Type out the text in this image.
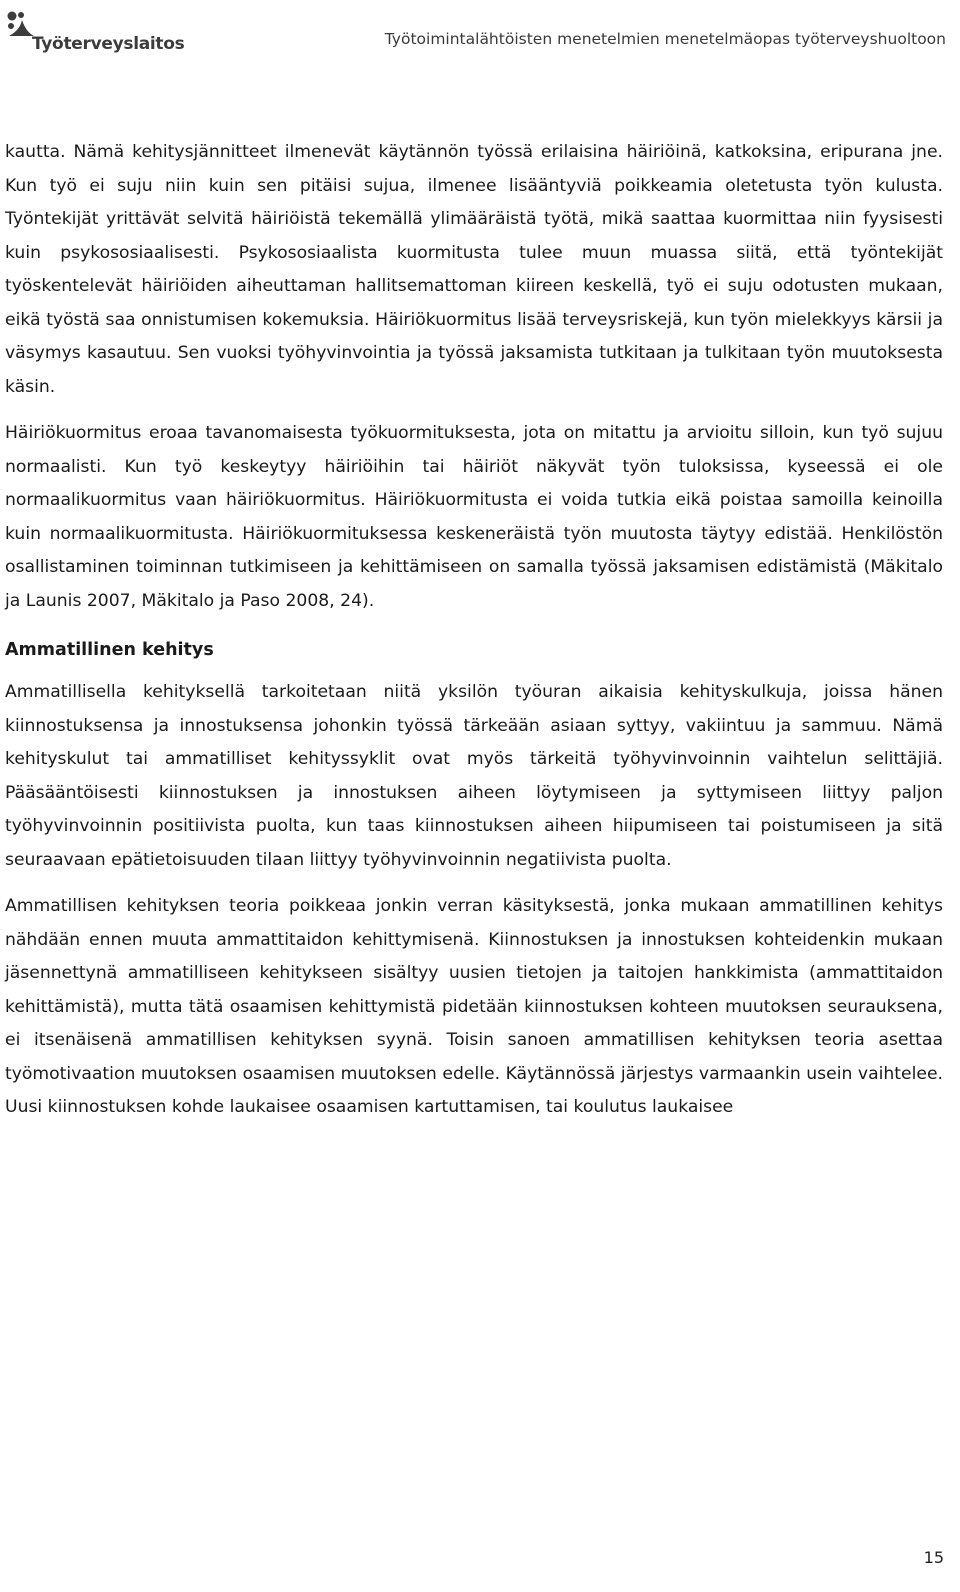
Työterveyslaitos	Työtoimintalähtöisten menetelmien menetelmäopas työterveyshuoltoon

kautta. Nämä kehitysjännitteet ilmenevät käytännön työssä erilaisina häiriöinä, katkoksina, eripurana jne. Kun työ ei suju niin kuin sen pitäisi sujua, ilmenee lisääntyviä poikkeamia oletetusta työn kulusta. Työntekijät yrittävät selvitä häiriöistä tekemällä ylimääräistä työtä, mikä saattaa kuormittaa niin fyysisesti kuin psykososiaalisesti. Psykososiaalista kuormitusta tulee muun muassa siitä, että työntekijät työskentelevät häiriöiden aiheuttaman hallitsemattoman kiireen keskellä, työ ei suju odotusten mukaan, eikä työstä saa onnistumisen kokemuksia. Häiriökuormitus lisää terveysriskejä, kun työn mielekkyys kärsii ja väsymys kasautuu. Sen vuoksi työhyvinvointia ja työssä jaksamista tutkitaan ja tulkitaan työn muutoksesta käsin.

Häiriökuormitus eroaa tavanomaisesta työkuormituksesta, jota on mitattu ja arvioitu silloin, kun työ sujuu normaalisti. Kun työ keskeytyy häiriöihin tai häiriöt näkyvät työn tuloksissa, kyseessä ei ole normaalikuormitus vaan häiriökuormitus. Häiriökuormitusta ei voida tutkia eikä poistaa samoilla keinoilla kuin normaalikuormitusta. Häiriökuormituksessa keskeneräistä työn muutosta täytyy edistää. Henkilöstön osallistaminen toiminnan tutkimiseen ja kehittämiseen on samalla työssä jaksamisen edistämistä (Mäkitalo ja Launis 2007, Mäkitalo ja Paso 2008, 24).

Ammatillinen kehitys

Ammatillisella kehityksellä tarkoitetaan niitä yksilön työuran aikaisia kehityskulkuja, joissa hänen kiinnostuksensa ja innostuksensa johonkin työssä tärkeään asiaan syttyy, vakiintuu ja sammuu. Nämä kehityskulut tai ammatilliset kehityssyklit ovat myös tärkeitä työhyvinvoinnin vaihtelun selittäjiä. Pääsääntöisesti kiinnostuksen ja innostuksen aiheen löytymiseen ja syttymiseen liittyy paljon työhyvinvoinnin positiivista puolta, kun taas kiinnostuksen aiheen hiipumiseen tai poistumiseen ja sitä seuraavaan epätietoisuuden tilaan liittyy työhyvinvoinnin negatiivista puolta.

Ammatillisen kehityksen teoria poikkeaa jonkin verran käsityksestä, jonka mukaan ammatillinen kehitys nähdään ennen muuta ammattitaidon kehittymisenä. Kiinnostuksen ja innostuksen kohteidenkin mukaan jäsennettynä ammatilliseen kehitykseen sisältyy uusien tietojen ja taitojen hankkimista (ammattitaidon kehittämistä), mutta tätä osaamisen kehittymistä pidetään kiinnostuksen kohteen muutoksen seurauksena, ei itsenäisenä ammatillisen kehityksen syynä. Toisin sanoen ammatillisen kehityksen teoria asettaa työmotivaation muutoksen osaamisen muutoksen edelle. Käytännössä järjestys varmaankin usein vaihtelee. Uusi kiinnostuksen kohde laukaisee osaamisen kartuttamisen, tai koulutus laukaisee

15
